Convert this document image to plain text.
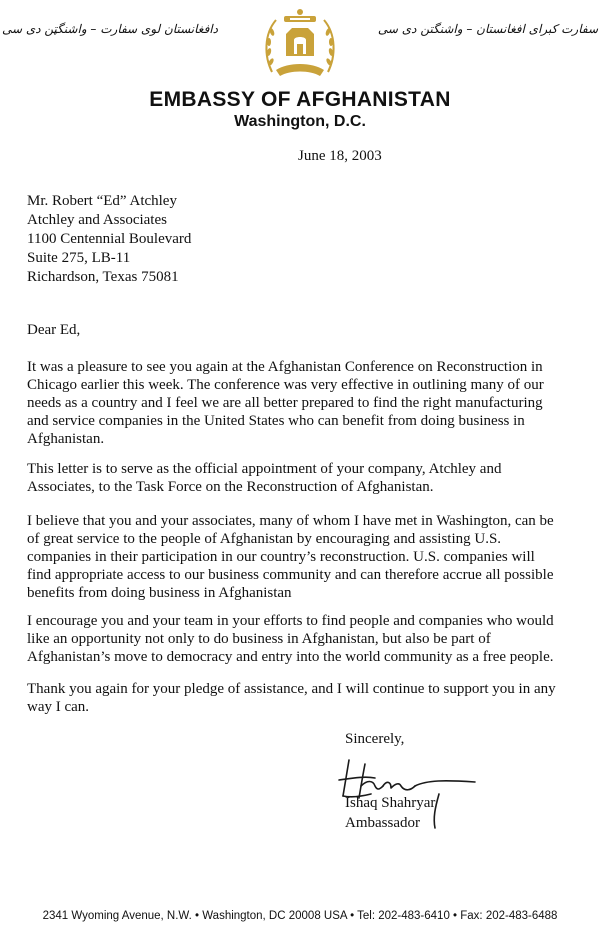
دافغانستان لوی سفارت – واشنگټن دی سی	سفارت کبرای افغانستان – واشنگتن دی سی
EMBASSY OF AFGHANISTAN
Washington, D.C.
June 18, 2003
Mr. Robert “Ed” Atchley
Atchley and Associates
1100 Centennial Boulevard
Suite 275, LB-11
Richardson, Texas 75081
Dear Ed,
It was a pleasure to see you again at the Afghanistan Conference on Reconstruction in
Chicago earlier this week. The conference was very effective in outlining many of our
needs as a country and I feel we are all better prepared to find the right manufacturing
and service companies in the United States who can benefit from doing business in
Afghanistan.
This letter is to serve as the official appointment of your company, Atchley and
Associates, to the Task Force on the Reconstruction of Afghanistan.
I believe that you and your associates, many of whom I have met in Washington, can be
of great service to the people of Afghanistan by encouraging and assisting U.S.
companies in their participation in our country’s reconstruction. U.S. companies will
find appropriate access to our business community and can therefore accrue all possible
benefits from doing business in Afghanistan
I encourage you and your team in your efforts to find people and companies who would
like an opportunity not only to do business in Afghanistan, but also be part of
Afghanistan’s move to democracy and entry into the world community as a free people.
Thank you again for your pledge of assistance, and I will continue to support you in any
way I can.
Sincerely,
Ishaq Shahryar
Ambassador
2341 Wyoming Avenue, N.W. • Washington, DC 20008 USA • Tel: 202-483-6410 • Fax: 202-483-6488
